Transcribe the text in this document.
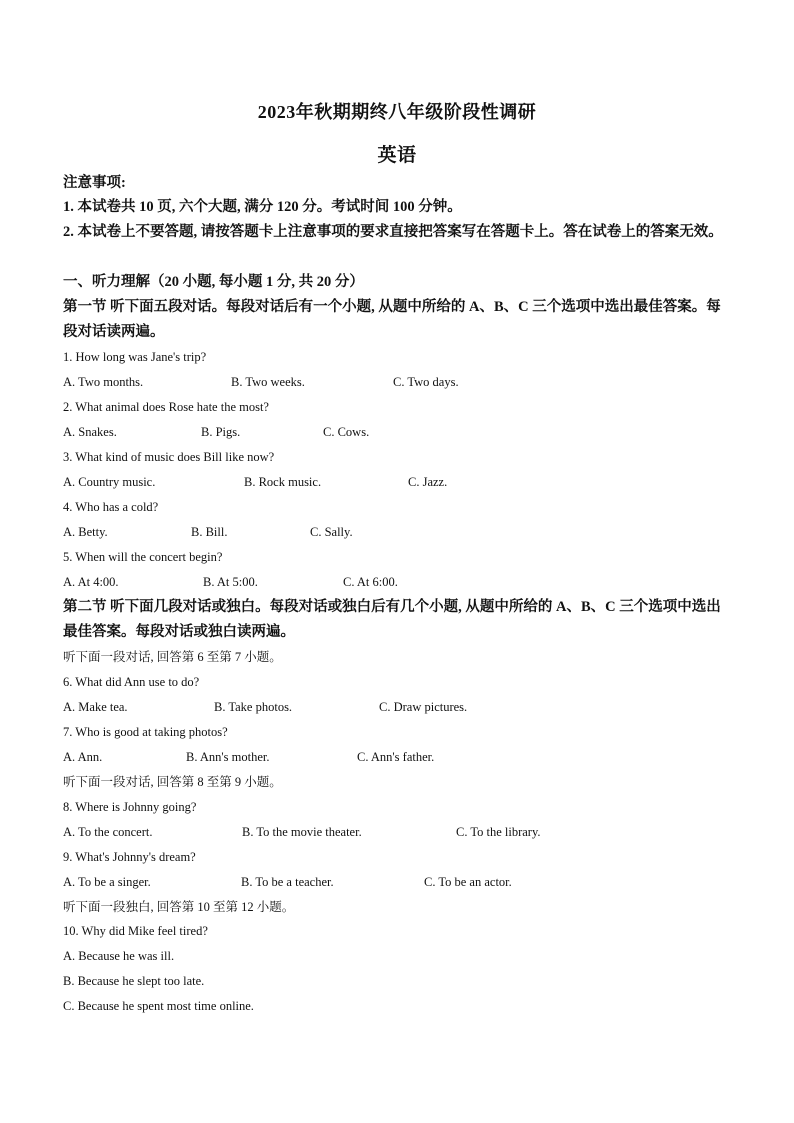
2023年秋期期终八年级阶段性调研
英语
注意事项:
1. 本试卷共 10 页, 六个大题, 满分 120 分。考试时间 100 分钟。
2. 本试卷上不要答题, 请按答题卡上注意事项的要求直接把答案写在答题卡上。答在试卷上的答案无效。
一、听力理解（20 小题, 每小题 1 分, 共 20 分）
第一节 听下面五段对话。每段对话后有一个小题, 从题中所给的 A、B、C 三个选项中选出最佳答案。每段对话读两遍。
1. How long was Jane's trip?
A. Two months.	B. Two weeks.	C. Two days.
2. What animal does Rose hate the most?
A. Snakes.	B. Pigs.	C. Cows.
3. What kind of music does Bill like now?
A. Country music.	B. Rock music.	C. Jazz.
4. Who has a cold?
A. Betty.	B. Bill.	C. Sally.
5. When will the concert begin?
A. At 4:00.	B. At 5:00.	C. At 6:00.
第二节 听下面几段对话或独白。每段对话或独白后有几个小题, 从题中所给的 A、B、C 三个选项中选出最佳答案。每段对话或独白读两遍。
听下面一段对话, 回答第 6 至第 7 小题。
6. What did Ann use to do?
A. Make tea.	B. Take photos.	C. Draw pictures.
7. Who is good at taking photos?
A. Ann.	B. Ann's mother.	C. Ann's father.
听下面一段对话, 回答第 8 至第 9 小题。
8. Where is Johnny going?
A. To the concert.	B. To the movie theater.	C. To the library.
9. What's Johnny's dream?
A. To be a singer.	B. To be a teacher.	C. To be an actor.
听下面一段独白, 回答第 10 至第 12 小题。
10. Why did Mike feel tired?
A. Because he was ill.
B. Because he slept too late.
C. Because he spent most time online.
